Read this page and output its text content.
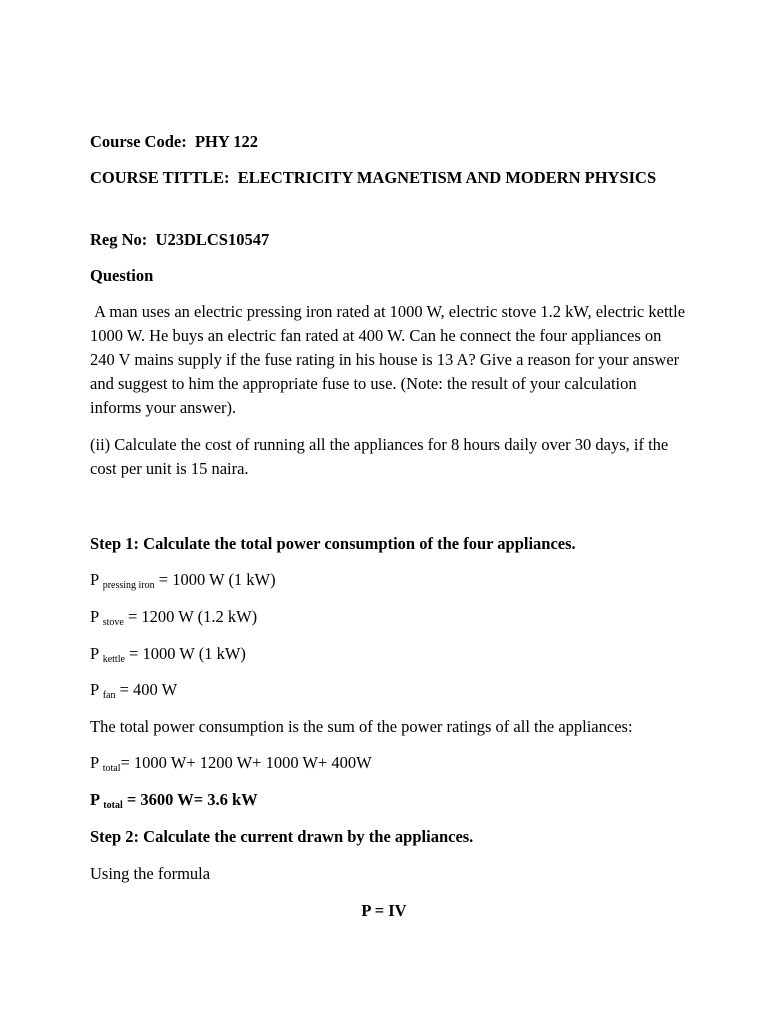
Course Code: PHY 122

COURSE TITTLE: ELECTRICITY MAGNETISM AND MODERN PHYSICS

Reg No: U23DLCS10547

Question

A man uses an electric pressing iron rated at 1000 W, electric stove 1.2 kW, electric kettle 1000 W. He buys an electric fan rated at 400 W. Can he connect the four appliances on 240 V mains supply if the fuse rating in his house is 13 A? Give a reason for your answer and suggest to him the appropriate fuse to use. (Note: the result of your calculation informs your answer).

(ii) Calculate the cost of running all the appliances for 8 hours daily over 30 days, if the cost per unit is 15 naira.

Step 1: Calculate the total power consumption of the four appliances.

P $_{pressing iron}$ = 1000 W (1 kW)

P $_{stove}$ = 1200 W (1.2 kW)

P $_{kettle}$ = 1000 W (1 kW)

P $_{fan}$ = 400 W

The total power consumption is the sum of the power ratings of all the appliances:

P $_{total}$= 1000 W+ 1200 W+ 1000 W+ 400W

P $_{total}$ = 3600 W= 3.6 kW

Step 2: Calculate the current drawn by the appliances.

Using the formula

P = IV
